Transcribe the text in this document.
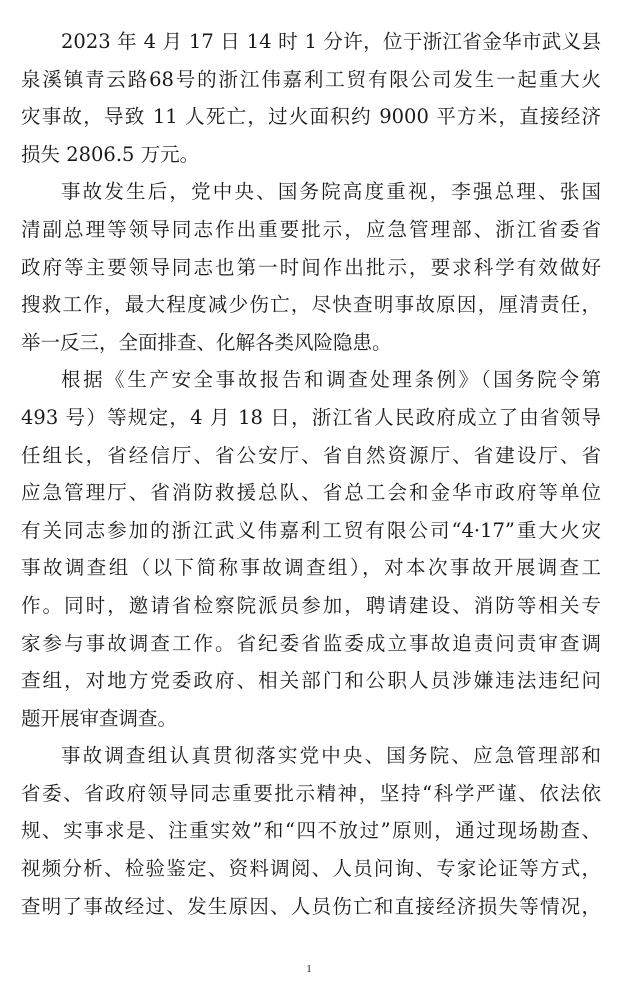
2023 年 4 月 17 日 14 时 1 分许，位于浙江省金华市武义县
泉溪镇青云路68号的浙江伟嘉利工贸有限公司发生一起重大火
灾事故，导致 11 人死亡，过火面积约 9000 平方米，直接经济
损失 2806.5 万元。
事故发生后，党中央、国务院高度重视，李强总理、张国
清副总理等领导同志作出重要批示，应急管理部、浙江省委省
政府等主要领导同志也第一时间作出批示，要求科学有效做好
搜救工作，最大程度减少伤亡，尽快查明事故原因，厘清责任，
举一反三，全面排查、化解各类风险隐患。
根据《生产安全事故报告和调查处理条例》（国务院令第
493 号）等规定，4 月 18 日，浙江省人民政府成立了由省领导
任组长，省经信厅、省公安厅、省自然资源厅、省建设厅、省
应急管理厅、省消防救援总队、省总工会和金华市政府等单位
有关同志参加的浙江武义伟嘉利工贸有限公司“4·17”重大火灾
事故调查组（以下简称事故调查组），对本次事故开展调查工
作。同时，邀请省检察院派员参加，聘请建设、消防等相关专
家参与事故调查工作。省纪委省监委成立事故追责问责审查调
查组，对地方党委政府、相关部门和公职人员涉嫌违法违纪问
题开展审查调查。
事故调查组认真贯彻落实党中央、国务院、应急管理部和
省委、省政府领导同志重要批示精神，坚持“科学严谨、依法依
规、实事求是、注重实效”和“四不放过”原则，通过现场勘查、
视频分析、检验鉴定、资料调阅、人员问询、专家论证等方式，
查明了事故经过、发生原因、人员伤亡和直接经济损失等情况，
1
